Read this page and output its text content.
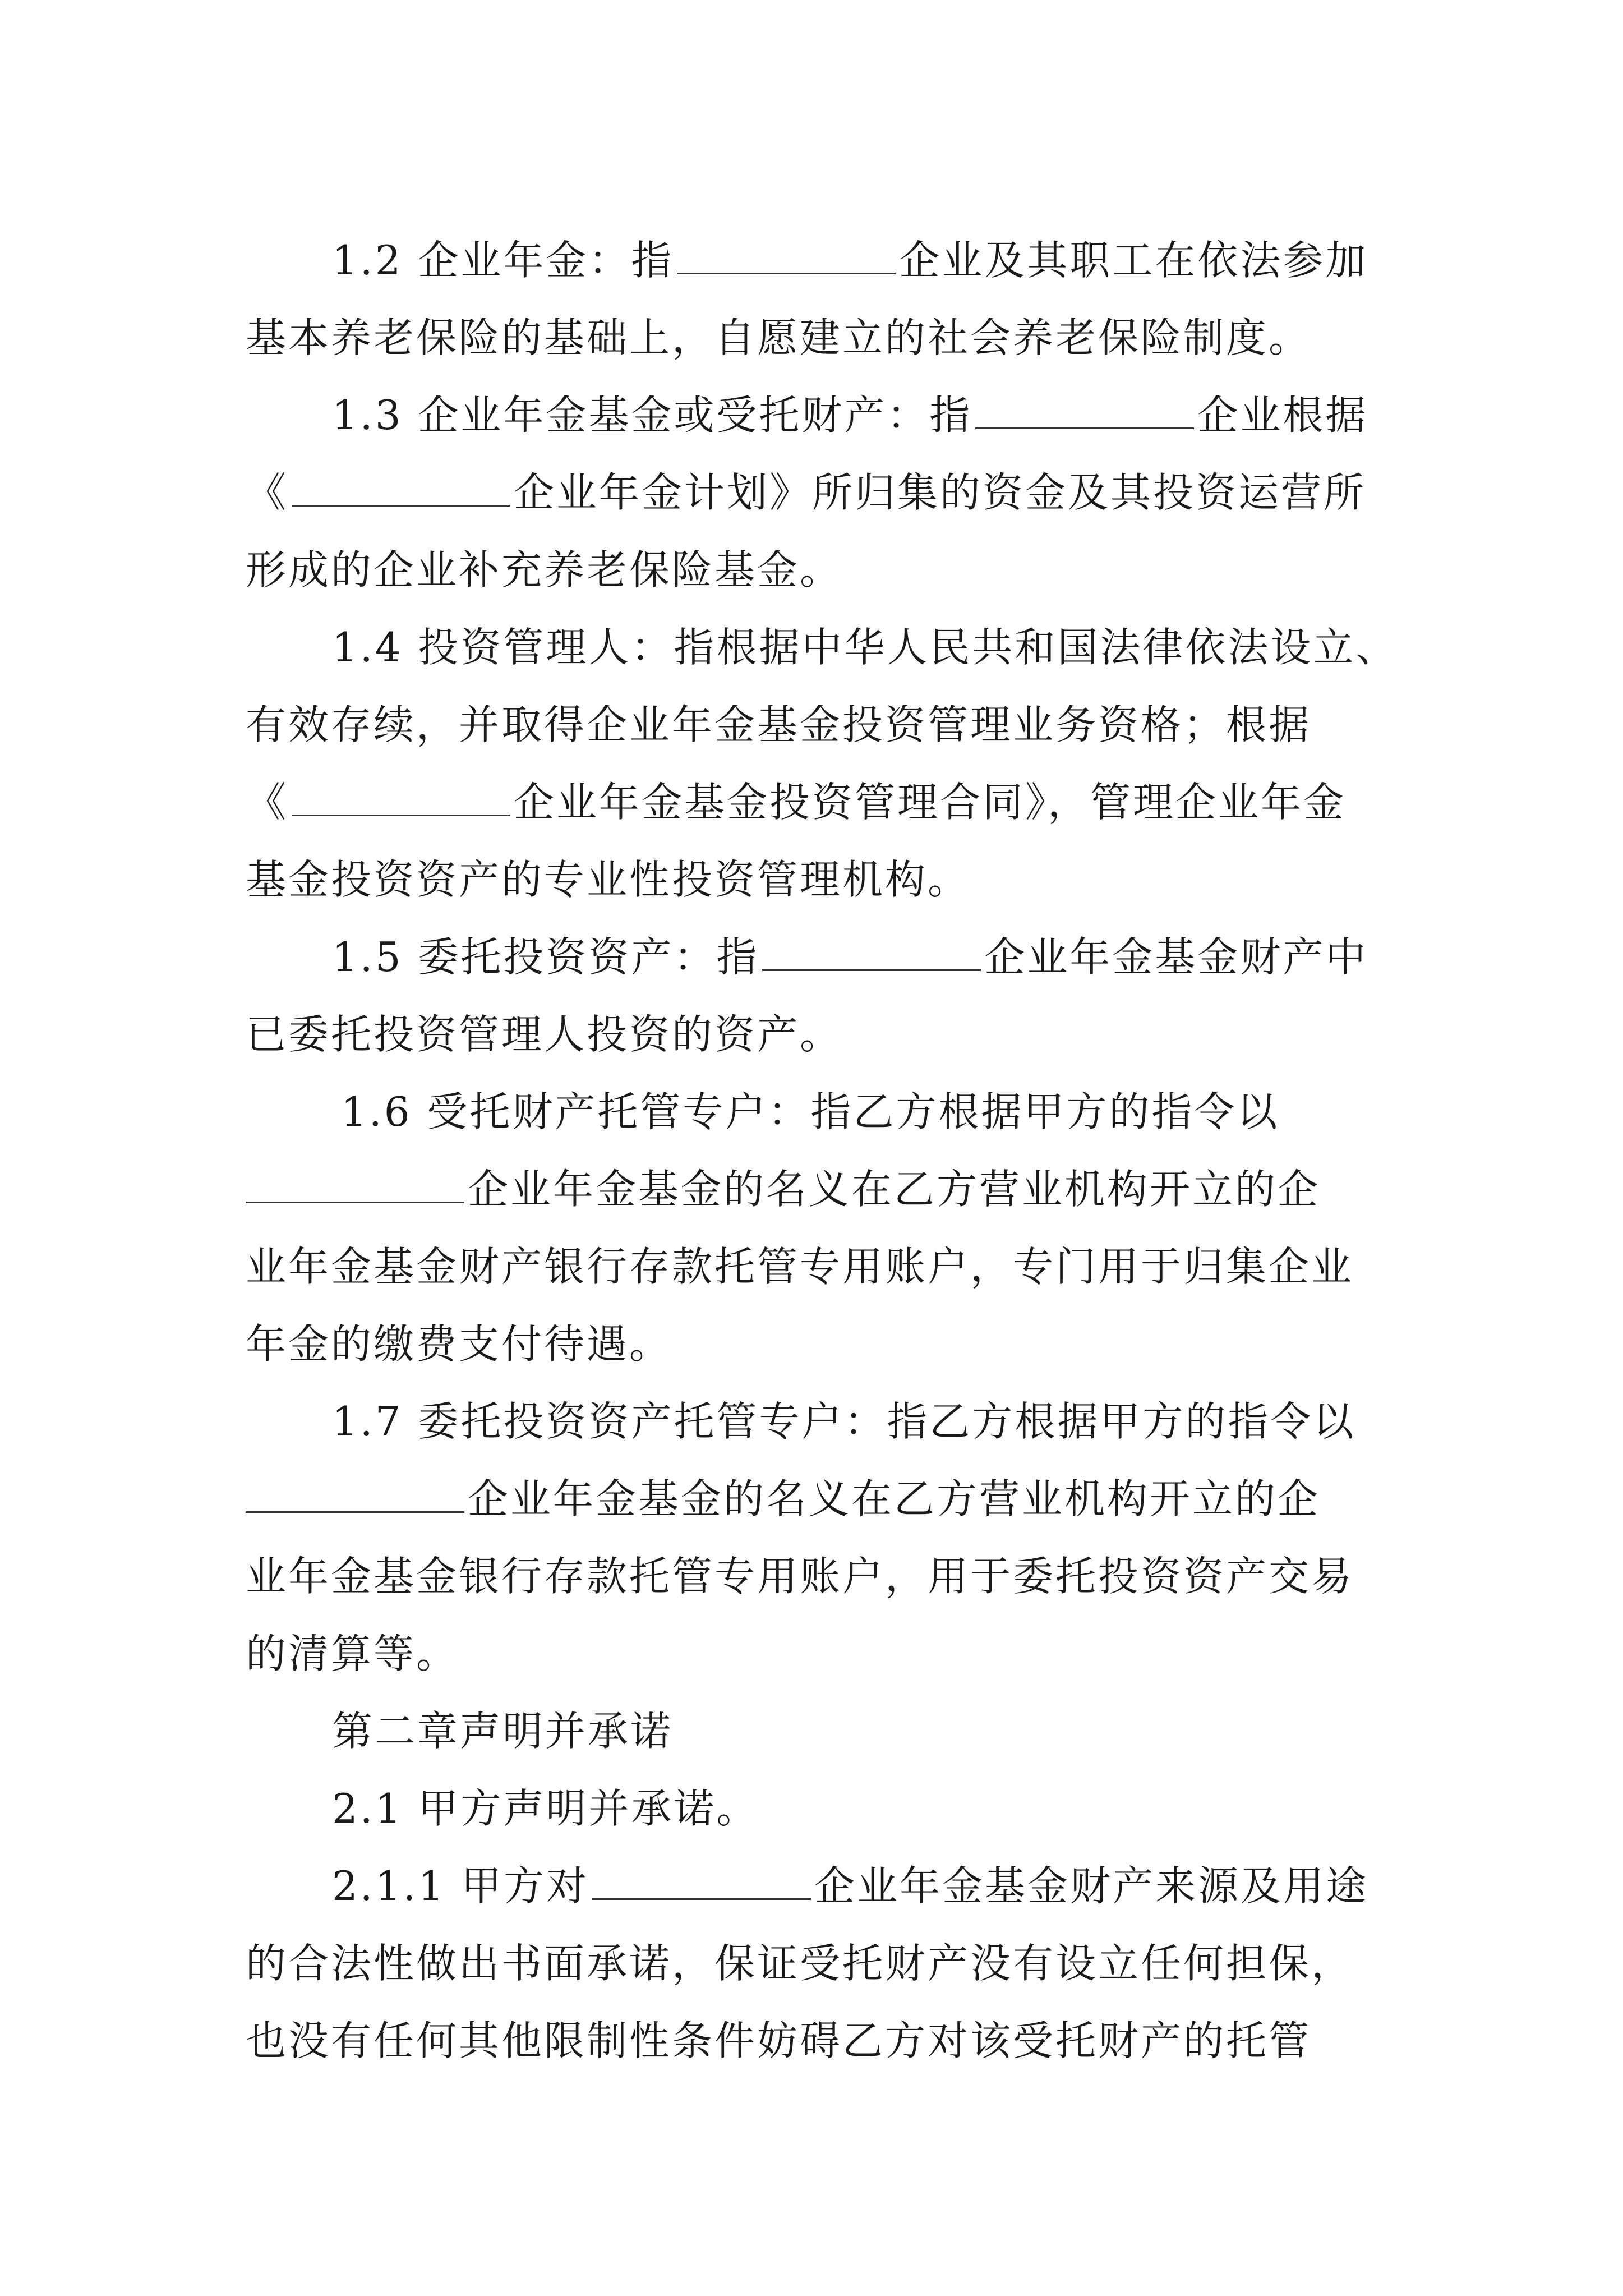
1.2 企业年金：指	企业及其职工在依法参加
基本养老保险的基础上，自愿建立的社会养老保险制度。
1.3 企业年金基金或受托财产：指	企业根据
《	企业年金计划》所归集的资金及其投资运营所
形成的企业补充养老保险基金。
1.4 投资管理人：指根据中华人民共和国法律依法设立、
有效存续，并取得企业年金基金投资管理业务资格；根据
《	企业年金基金投资管理合同》，管理企业年金
基金投资资产的专业性投资管理机构。
1.5 委托投资资产：指	企业年金基金财产中
已委托投资管理人投资的资产。
1.6 受托财产托管专户：指乙方根据甲方的指令以
企业年金基金的名义在乙方营业机构开立的企
业年金基金财产银行存款托管专用账户，专门用于归集企业
年金的缴费支付待遇。
1.7 委托投资资产托管专户：指乙方根据甲方的指令以
企业年金基金的名义在乙方营业机构开立的企
业年金基金银行存款托管专用账户，用于委托投资资产交易
的清算等。
第二章声明并承诺
2.1 甲方声明并承诺。
2.1.1 甲方对	企业年金基金财产来源及用途
的合法性做出书面承诺，保证受托财产没有设立任何担保，
也没有任何其他限制性条件妨碍乙方对该受托财产的托管
